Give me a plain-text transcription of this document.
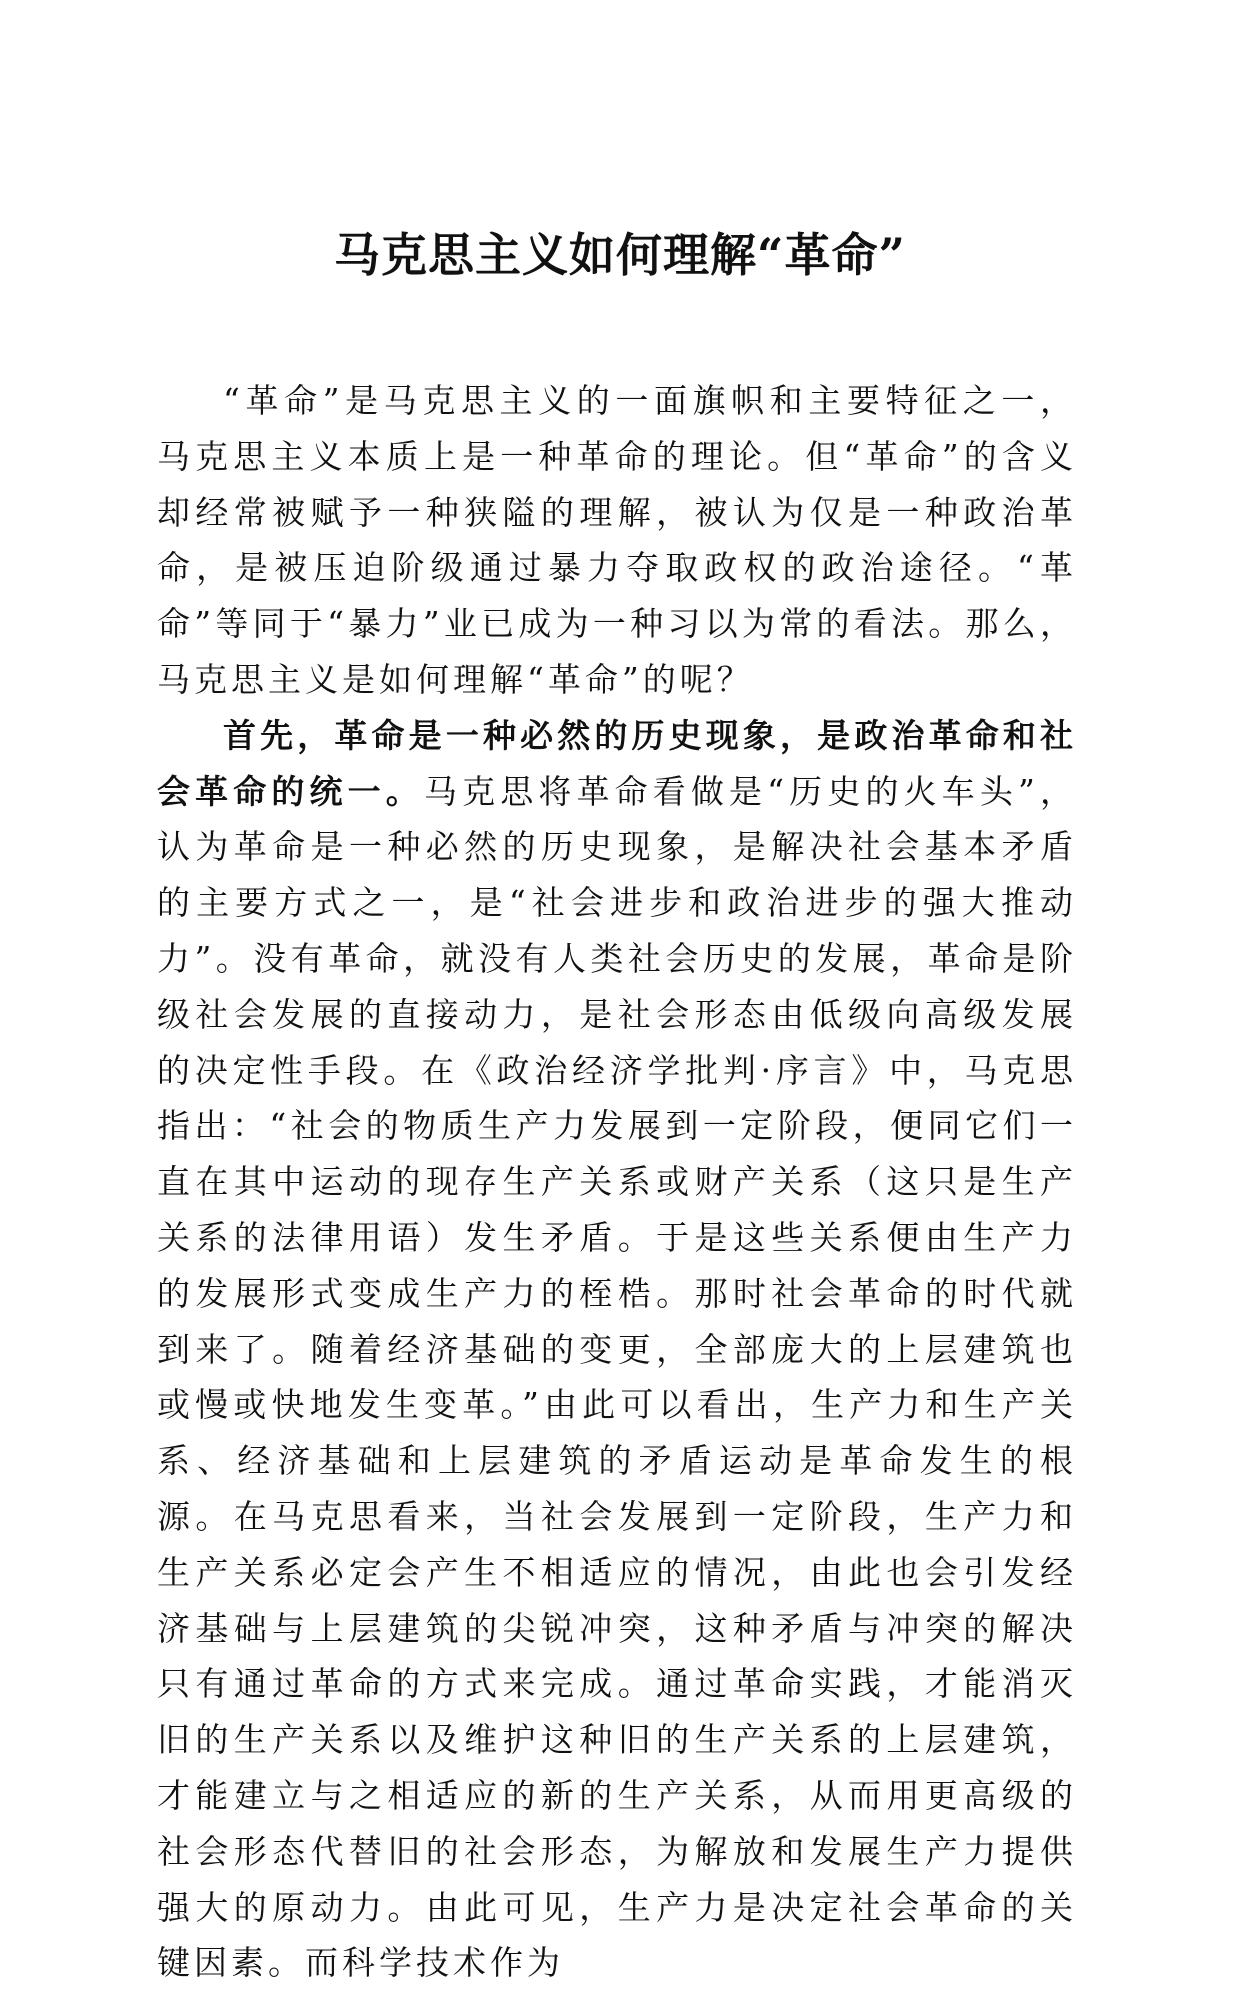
马克思主义如何理解“革命”

“革命”是马克思主义的一面旗帜和主要特征之一，马克思主义本质上是一种革命的理论。但“革命”的含义却经常被赋予一种狭隘的理解，被认为仅是一种政治革命，是被压迫阶级通过暴力夺取政权的政治途径。“革命”等同于“暴力”业已成为一种习以为常的看法。那么，马克思主义是如何理解“革命”的呢？

首先，革命是一种必然的历史现象，是政治革命和社会革命的统一。马克思将革命看做是“历史的火车头”，认为革命是一种必然的历史现象，是解决社会基本矛盾的主要方式之一，是“社会进步和政治进步的强大推动力”。没有革命，就没有人类社会历史的发展，革命是阶级社会发展的直接动力，是社会形态由低级向高级发展的决定性手段。在《政治经济学批判·序言》中，马克思指出：“社会的物质生产力发展到一定阶段，便同它们一直在其中运动的现存生产关系或财产关系（这只是生产关系的法律用语）发生矛盾。于是这些关系便由生产力的发展形式变成生产力的桎梏。那时社会革命的时代就到来了。随着经济基础的变更，全部庞大的上层建筑也或慢或快地发生变革。”由此可以看出，生产力和生产关系、经济基础和上层建筑的矛盾运动是革命发生的根源。在马克思看来，当社会发展到一定阶段，生产力和生产关系必定会产生不相适应的情况，由此也会引发经济基础与上层建筑的尖锐冲突，这种矛盾与冲突的解决只有通过革命的方式来完成。通过革命实践，才能消灭旧的生产关系以及维护这种旧的生产关系的上层建筑，才能建立与之相适应的新的生产关系，从而用更高级的社会形态代替旧的社会形态，为解放和发展生产力提供强大的原动力。由此可见，生产力是决定社会革命的关键因素。而科学技术作为
